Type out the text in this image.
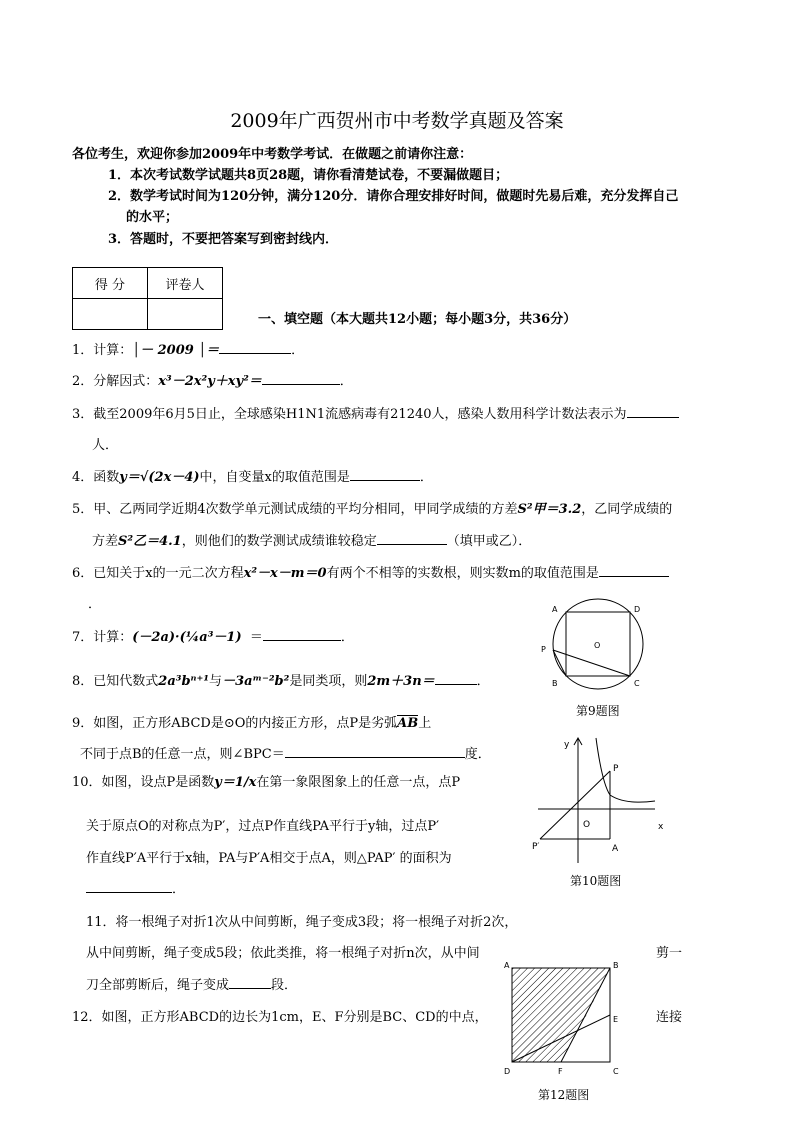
2009年广西贺州市中考数学真题及答案
各位考生，欢迎你参加2009年中考数学考试．在做题之前请你注意：
1．本次考试数学试题共8页28题，请你看清楚试卷，不要漏做题目；
2．数学考试时间为120分钟，满分120分．请你合理安排好时间，做题时先易后难，充分发挥自己
的水平；
3．答题时，不要把答案写到密封线内．
得 分	评卷人

一、填空题（本大题共12小题；每小题3分，共36分）
1．计算：│－ 2009 │＝	．
2．分解因式：x³－2x²y＋xy²＝	．
3．截至2009年6月5日止，全球感染H1N1流感病毒有21240人，感染人数用科学计数法表示为
人．
4．函数y＝√(2x－4)中，自变量x的取值范围是	．
5．甲、乙两同学近期4次数学单元测试成绩的平均分相同，甲同学成绩的方差S²甲＝3.2，乙同学成绩的
方差S²乙＝4.1，则他们的数学测试成绩谁较稳定	（填甲或乙）．
6．已知关于x的一元二次方程x²－x－m＝0有两个不相等的实数根，则实数m的取值范围是
．
7．计算：(－2a)·(¼a³－1) ＝	．
8．已知代数式2a³bⁿ⁺¹与－3aᵐ⁻²b²是同类项，则2m＋3n＝	．
9．如图，正方形ABCD是⊙O的内接正方形，点P是劣弧AB上
不同于点B的任意一点，则∠BPC＝	度．
10．如图，设点P是函数y＝1/x在第一象限图象上的任意一点，点P
关于原点O的对称点为P′，过点P作直线PA平行于y轴，过点P′
作直线P′A平行于x轴，PA与P′A相交于点A，则△PAP′ 的面积为
．
11．将一根绳子对折1次从中间剪断，绳子变成3段；将一根绳子对折2次，
从中间剪断，绳子变成5段；依此类推，将一根绳子对折n次，从中间	剪一
刀全部剪断后，绳子变成	段．
12．如图，正方形ABCD的边长为1cm，E、F分别是BC、CD的中点，	连接
A	D
P
B	C
O
第9题图
y
x
O
P
P′	A
第10题图
A	B
E
D	F	C
第12题图
